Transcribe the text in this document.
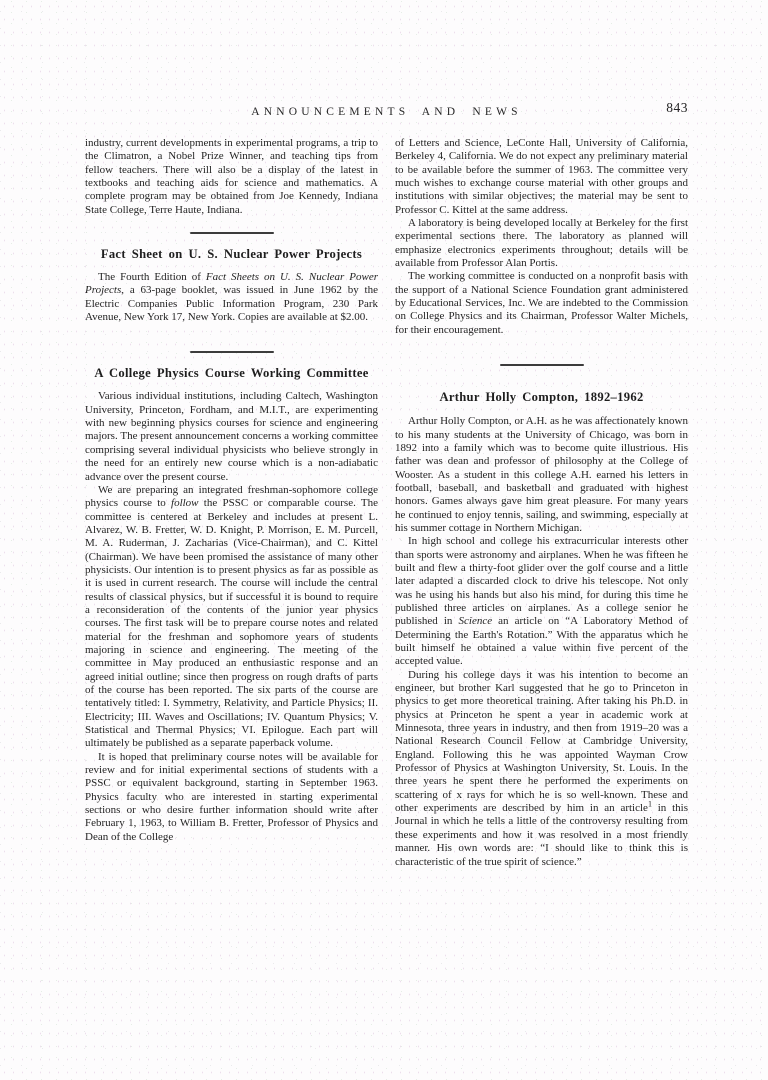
ANNOUNCEMENTS AND NEWS	843

industry, current developments in experimental programs, a trip to the Climatron, a Nobel Prize Winner, and teaching tips from fellow teachers. There will also be a display of the latest in textbooks and teaching aids for science and mathematics. A complete program may be obtained from Joe Kennedy, Indiana State College, Terre Haute, Indiana.

Fact Sheet on U. S. Nuclear Power Projects

The Fourth Edition of Fact Sheets on U. S. Nuclear Power Projects, a 63-page booklet, was issued in June 1962 by the Electric Companies Public Information Program, 230 Park Avenue, New York 17, New York. Copies are available at $2.00.

A College Physics Course Working Committee

Various individual institutions, including Caltech, Washington University, Princeton, Fordham, and M.I.T., are experimenting with new beginning physics courses for science and engineering majors. The present announcement concerns a working committee comprising several individual physicists who believe strongly in the need for an entirely new course which is a non-adiabatic advance over the present course.

We are preparing an integrated freshman-sophomore college physics course to follow the PSSC or comparable course. The committee is centered at Berkeley and includes at present L. Alvarez, W. B. Fretter, W. D. Knight, P. Morrison, E. M. Purcell, M. A. Ruderman, J. Zacharias (Vice-Chairman), and C. Kittel (Chairman). We have been promised the assistance of many other physicists. Our intention is to present physics as far as possible as it is used in current research. The course will include the central results of classical physics, but if successful it is bound to require a reconsideration of the contents of the junior year physics courses. The first task will be to prepare course notes and related material for the freshman and sophomore years of students majoring in science and engineering. The meeting of the committee in May produced an enthusiastic response and an agreed initial outline; since then progress on rough drafts of parts of the course has been reported. The six parts of the course are tentatively titled: I. Symmetry, Relativity, and Particle Physics; II. Electricity; III. Waves and Oscillations; IV. Quantum Physics; V. Statistical and Thermal Physics; VI. Epilogue. Each part will ultimately be published as a separate paperback volume.

It is hoped that preliminary course notes will be available for review and for initial experimental sections of students with a PSSC or equivalent background, starting in September 1963. Physics faculty who are interested in starting experimental sections or who desire further information should write after February 1, 1963, to William B. Fretter, Professor of Physics and Dean of the College

of Letters and Science, LeConte Hall, University of California, Berkeley 4, California. We do not expect any preliminary material to be available before the summer of 1963. The committee very much wishes to exchange course material with other groups and institutions with similar objectives; the material may be sent to Professor C. Kittel at the same address.

A laboratory is being developed locally at Berkeley for the first experimental sections there. The laboratory as planned will emphasize electronics experiments throughout; details will be available from Professor Alan Portis.

The working committee is conducted on a nonprofit basis with the support of a National Science Foundation grant administered by Educational Services, Inc. We are indebted to the Commission on College Physics and its Chairman, Professor Walter Michels, for their encouragement.

Arthur Holly Compton, 1892–1962

Arthur Holly Compton, or A.H. as he was affectionately known to his many students at the University of Chicago, was born in 1892 into a family which was to become quite illustrious. His father was dean and professor of philosophy at the College of Wooster. As a student in this college A.H. earned his letters in football, baseball, and basketball and graduated with highest honors. Games always gave him great pleasure. For many years he continued to enjoy tennis, sailing, and swimming, especially at his summer cottage in Northern Michigan.

In high school and college his extracurricular interests other than sports were astronomy and airplanes. When he was fifteen he built and flew a thirty-foot glider over the golf course and a little later adapted a discarded clock to drive his telescope. Not only was he using his hands but also his mind, for during this time he published three articles on airplanes. As a college senior he published in Science an article on “A Laboratory Method of Determining the Earth's Rotation.” With the apparatus which he built himself he obtained a value within five percent of the accepted value.

During his college days it was his intention to become an engineer, but brother Karl suggested that he go to Princeton in physics to get more theoretical training. After taking his Ph.D. in physics at Princeton he spent a year in academic work at Minnesota, three years in industry, and then from 1919–20 was a National Research Council Fellow at Cambridge University, England. Following this he was appointed Wayman Crow Professor of Physics at Washington University, St. Louis. In the three years he spent there he performed the experiments on scattering of x rays for which he is so well-known. These and other experiments are described by him in an article$^1$ in this Journal in which he tells a little of the controversy resulting from these experiments and how it was resolved in a most friendly manner. His own words are: “I should like to think this is characteristic of the true spirit of science.”
